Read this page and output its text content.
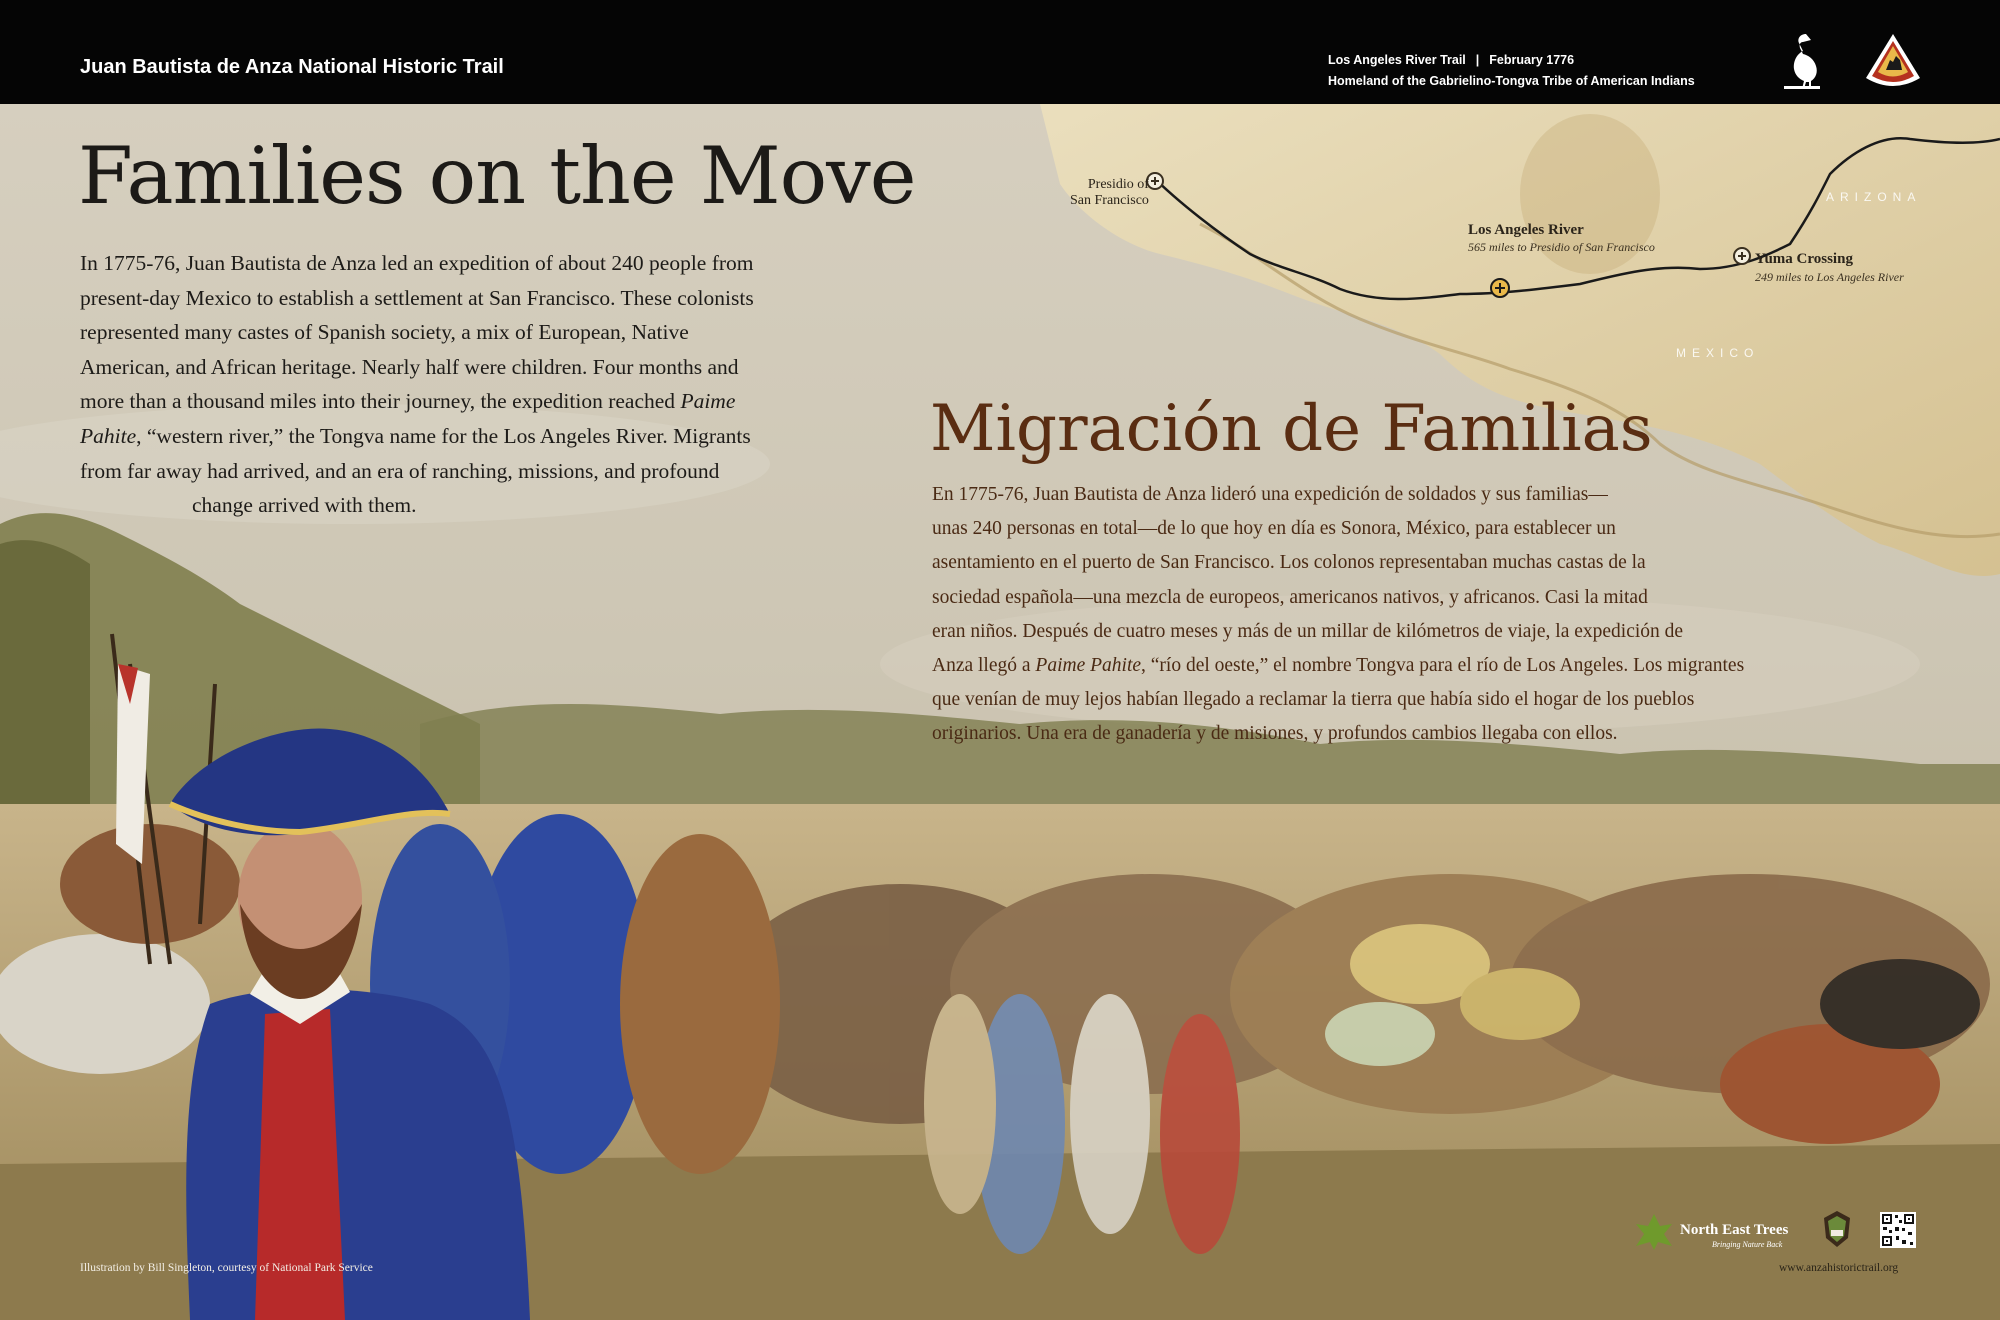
Juan Bautista de Anza National Historic Trail	Los Angeles River Trail | February 1776
Homeland of the Gabrielino-Tongva Tribe of American Indians
Families on the Move

In 1775-76, Juan Bautista de Anza led an expedition of about 240 people from
present-day Mexico to establish a settlement at San Francisco. These colonists
represented many castes of Spanish society, a mix of European, Native
American, and African heritage. Nearly half were children. Four months and
more than a thousand miles into their journey, the expedition reached Paime
Pahite, “western river,” the Tongva name for the Los Angeles River. Migrants
from far away had arrived, and an era of ranching, missions, and profound
change arrived with them.

Presidio of
San Francisco
Los Angeles River
565 miles to Presidio of San Francisco
Yuma Crossing
249 miles to Los Angeles River
ARIZONA
MEXICO
Migración de Familias

En 1775-76, Juan Bautista de Anza lideró una expedición de soldados y sus familias—
unas 240 personas en total—de lo que hoy en día es Sonora, México, para establecer un
asentamiento en el puerto de San Francisco. Los colonos representaban muchas castas de la
sociedad española—una mezcla de europeos, americanos nativos, y africanos. Casi la mitad
eran niños. Después de cuatro meses y más de un millar de kilómetros de viaje, la expedición de
Anza llegó a Paime Pahite, “río del oeste,” el nombre Tongva para el río de Los Angeles. Los migrantes
que venían de muy lejos habían llegado a reclamar la tierra que había sido el hogar de los pueblos
originarios. Una era de ganadería y de misiones, y profundos cambios llegaba con ellos.

Illustration by Bill Singleton, courtesy of National Park Service
North East Trees
Bringing Nature Back
www.anzahistorictrail.org
